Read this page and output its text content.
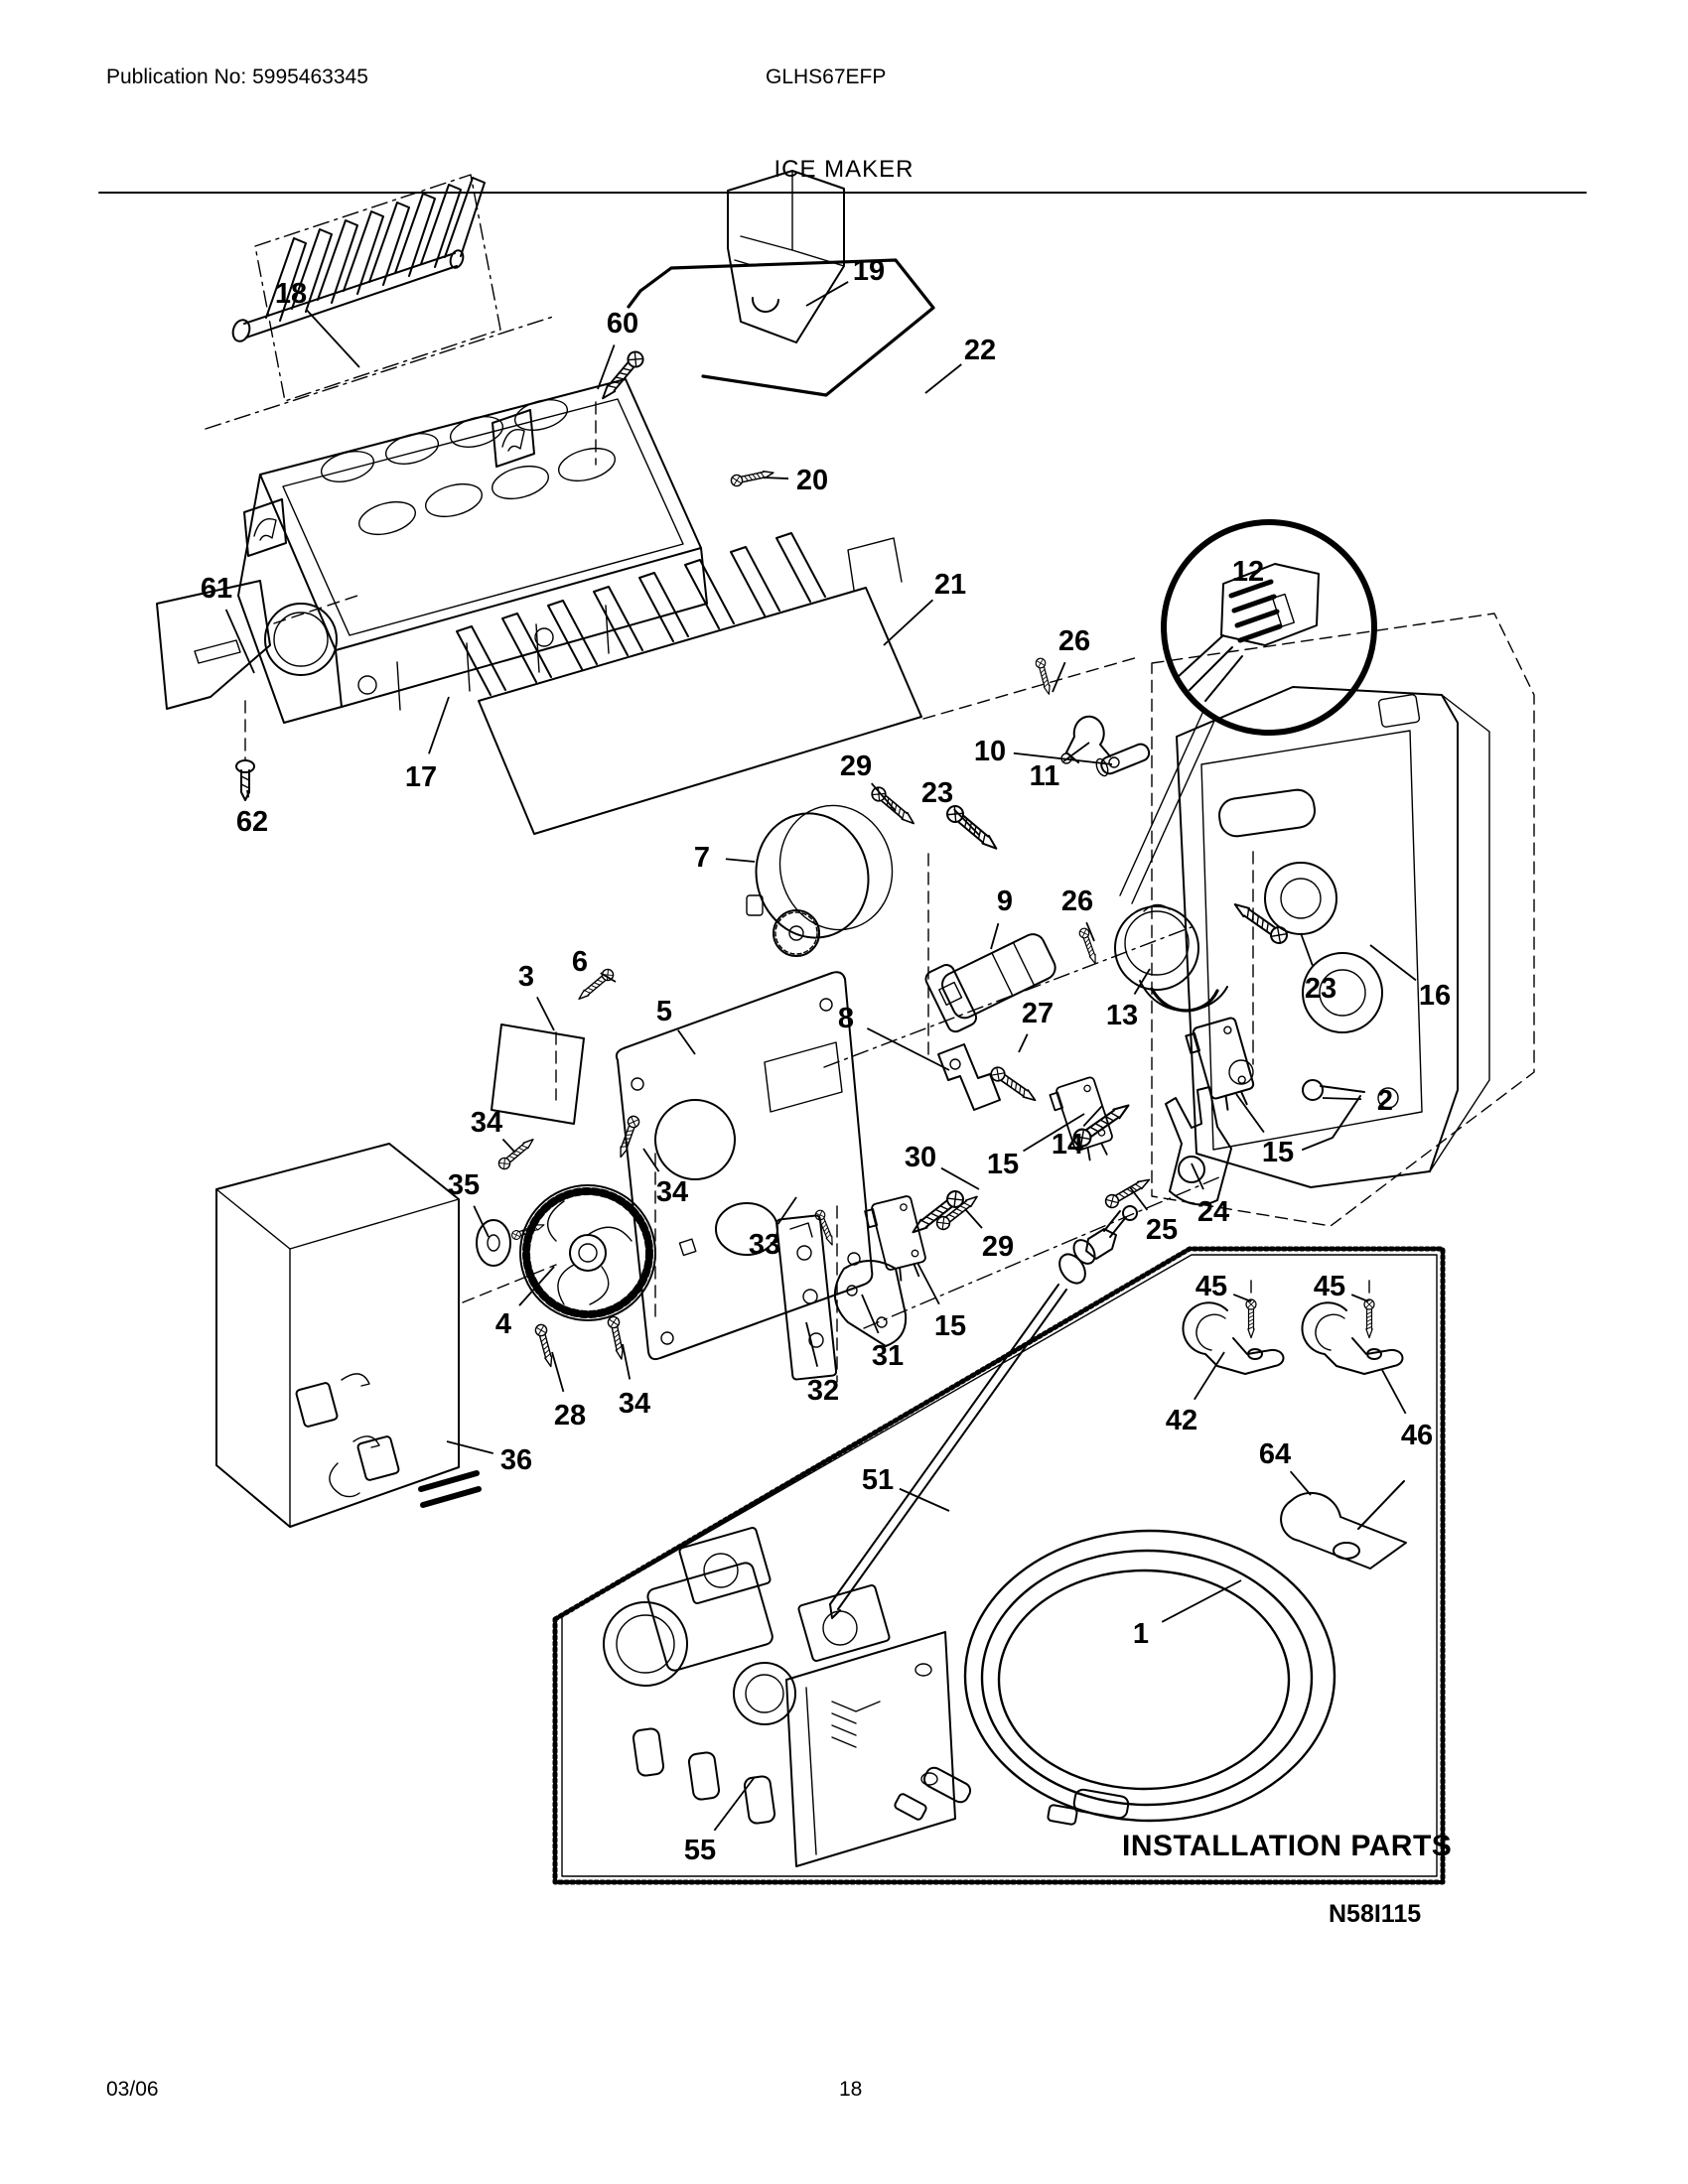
Publication No: 5995463345	GLHS67EFP
ICE MAKER
INSTALLATION PARTS
N58I115
03/06	18
18
60
19
22
20
21
61
17
62
12
26
10
11
29
23
7
9 26
13
23	16
3 6
5	8	27
34
35	34
30 15
14	15
2
24
25
29
33
4
28 34	32
31
15
36
45	45
42	46
64
51
1
55
